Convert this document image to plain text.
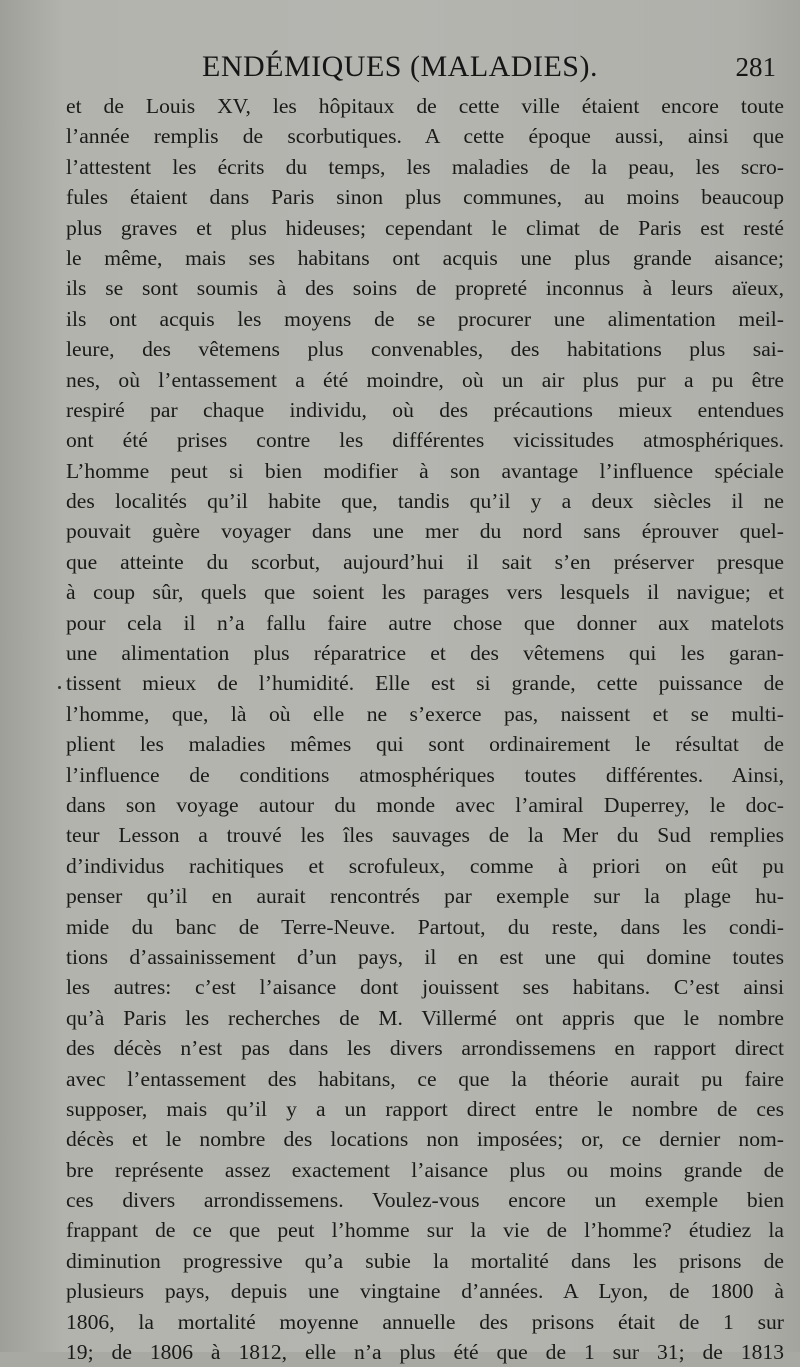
ENDÉMIQUES (MALADIES).	281
et de Louis XV, les hôpitaux de cette ville étaient encore toute
l’année remplis de scorbutiques. A cette époque aussi, ainsi que
l’attestent les écrits du temps, les maladies de la peau, les scro-
fules étaient dans Paris sinon plus communes, au moins beaucoup
plus graves et plus hideuses; cependant le climat de Paris est resté
le même, mais ses habitans ont acquis une plus grande aisance;
ils se sont soumis à des soins de propreté inconnus à leurs aïeux,
ils ont acquis les moyens de se procurer une alimentation meil-
leure, des vêtemens plus convenables, des habitations plus sai-
nes, où l’entassement a été moindre, où un air plus pur a pu être
respiré par chaque individu, où des précautions mieux entendues
ont été prises contre les différentes vicissitudes atmosphériques.
L’homme peut si bien modifier à son avantage l’influence spéciale
des localités qu’il habite que, tandis qu’il y a deux siècles il ne
pouvait guère voyager dans une mer du nord sans éprouver quel-
que atteinte du scorbut, aujourd’hui il sait s’en préserver presque
à coup sûr, quels que soient les parages vers lesquels il navigue; et
pour cela il n’a fallu faire autre chose que donner aux matelots
une alimentation plus réparatrice et des vêtemens qui les garan-
tissent mieux de l’humidité. Elle est si grande, cette puissance de
l’homme, que, là où elle ne s’exerce pas, naissent et se multi-
plient les maladies mêmes qui sont ordinairement le résultat de
l’influence de conditions atmosphériques toutes différentes. Ainsi,
dans son voyage autour du monde avec l’amiral Duperrey, le doc-
teur Lesson a trouvé les îles sauvages de la Mer du Sud remplies
d’individus rachitiques et scrofuleux, comme à priori on eût pu
penser qu’il en aurait rencontrés par exemple sur la plage hu-
mide du banc de Terre-Neuve. Partout, du reste, dans les condi-
tions d’assainissement d’un pays, il en est une qui domine toutes
les autres: c’est l’aisance dont jouissent ses habitans. C’est ainsi
qu’à Paris les recherches de M. Villermé ont appris que le nombre
des décès n’est pas dans les divers arrondissemens en rapport direct
avec l’entassement des habitans, ce que la théorie aurait pu faire
supposer, mais qu’il y a un rapport direct entre le nombre de ces
décès et le nombre des locations non imposées; or, ce dernier nom-
bre représente assez exactement l’aisance plus ou moins grande de
ces divers arrondissemens. Voulez-vous encore un exemple bien
frappant de ce que peut l’homme sur la vie de l’homme? étudiez la
diminution progressive qu’a subie la mortalité dans les prisons de
plusieurs pays, depuis une vingtaine d’années. A Lyon, de 1800 à
1806, la mortalité moyenne annuelle des prisons était de 1 sur
19; de 1806 à 1812, elle n’a plus été que de 1 sur 31; de 1813
